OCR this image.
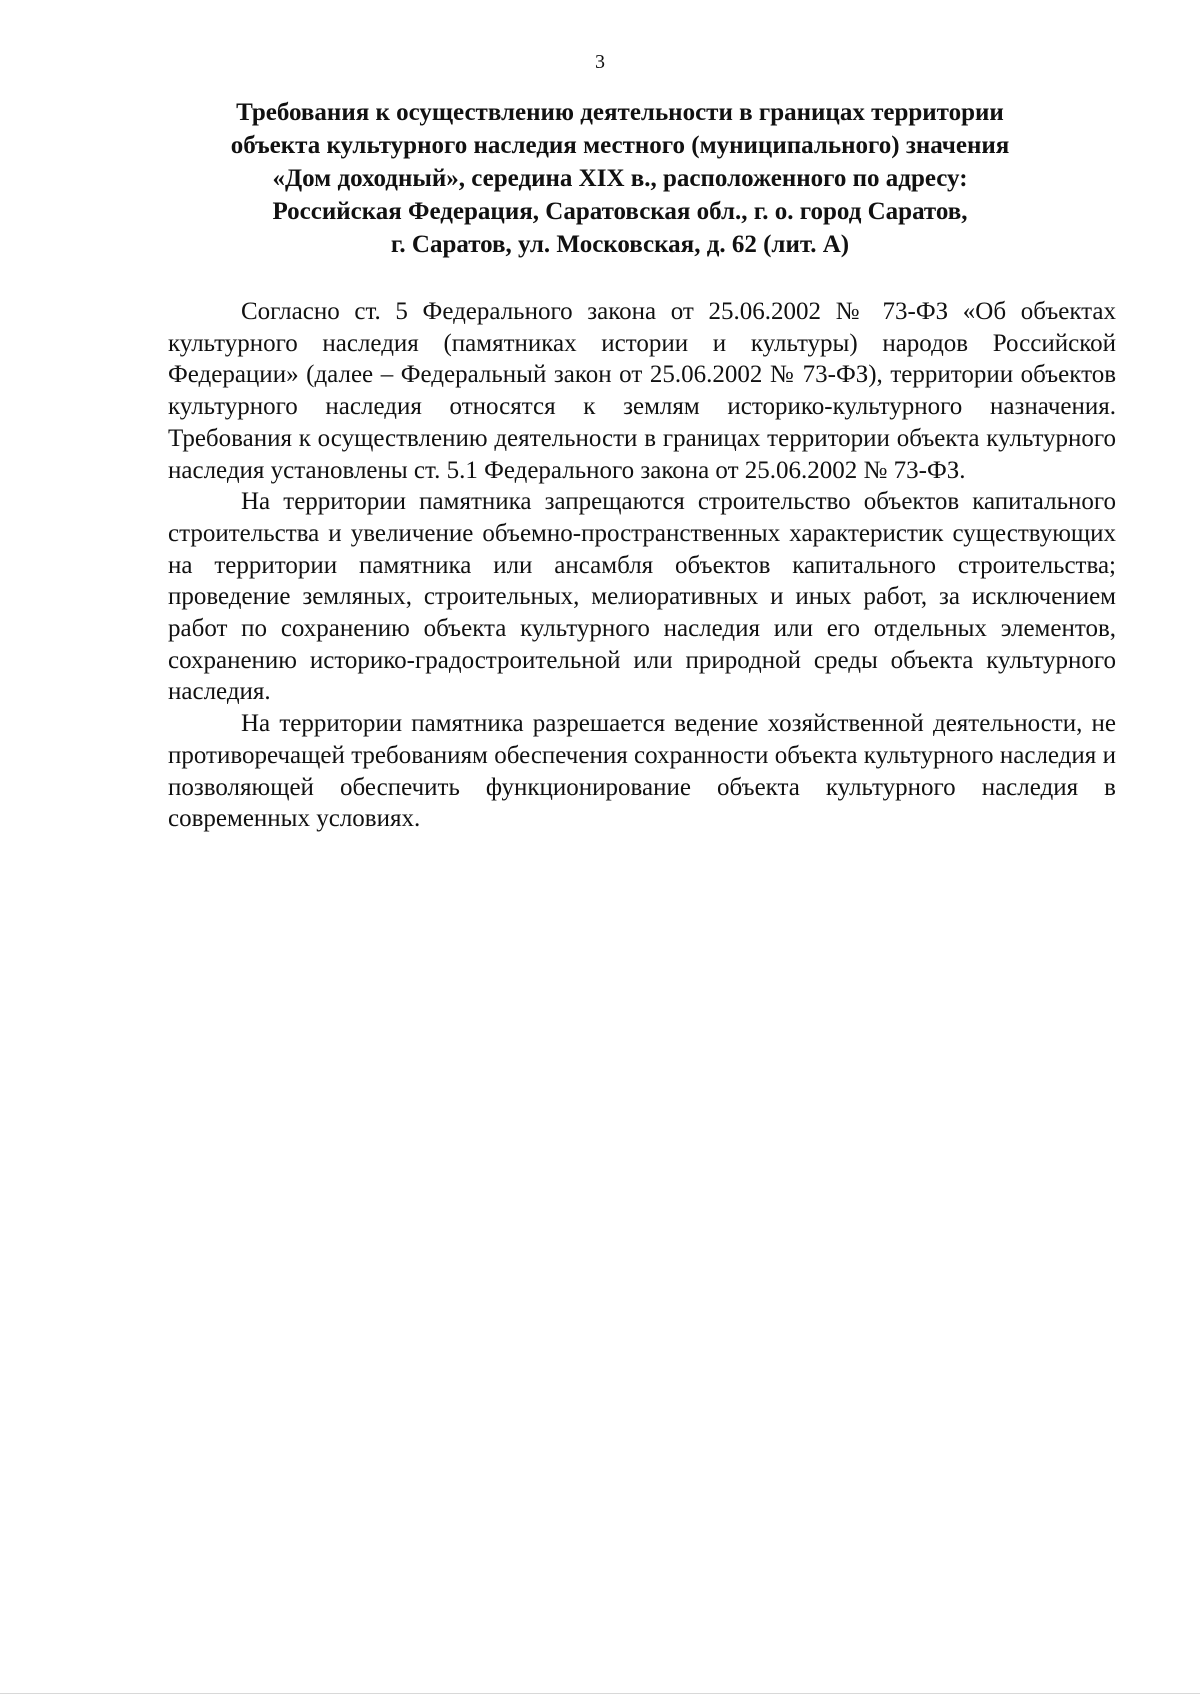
3
Требования к осуществлению деятельности в границах территории
объекта культурного наследия местного (муниципального) значения
«Дом доходный», середина XIX в., расположенного по адресу:
Российская Федерация, Саратовская обл., г. о. город Саратов,
г. Саратов, ул. Московская, д. 62 (лит. А)

Согласно ст. 5 Федерального закона от 25.06.2002 № 73-ФЗ «Об объектах культурного наследия (памятниках истории и культуры) народов Российской Федерации» (далее – Федеральный закон от 25.06.2002 № 73-ФЗ), территории объектов культурного наследия относятся к землям историко-культурного назначения. Требования к осуществлению деятельности в границах территории объекта культурного наследия установлены ст. 5.1 Федерального закона от 25.06.2002 № 73-ФЗ.

На территории памятника запрещаются строительство объектов капитального строительства и увеличение объемно-пространственных характеристик существующих на территории памятника или ансамбля объектов капитального строительства; проведение земляных, строительных, мелиоративных и иных работ, за исключением работ по сохранению объекта культурного наследия или его отдельных элементов, сохранению историко-градостроительной или природной среды объекта культурного наследия.

На территории памятника разрешается ведение хозяйственной деятельности, не противоречащей требованиям обеспечения сохранности объекта культурного наследия и позволяющей обеспечить функционирование объекта культурного наследия в современных условиях.
